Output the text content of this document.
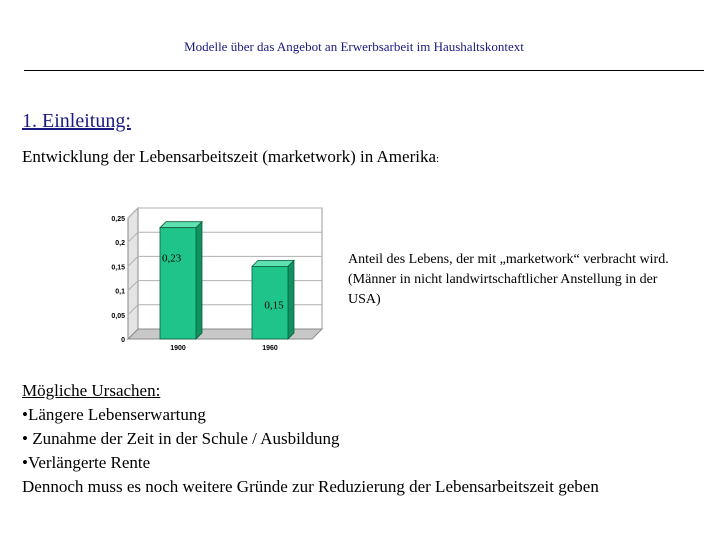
Modelle über das Angebot an Erwerbsarbeit im Haushaltskontext
1. Einleitung:
Entwicklung der Lebensarbeitszeit (marketwork) in Amerika:
0
0,05
0,1
0,15
0,2
0,25
0,23
1900
0,15
1960
Anteil des Lebens, der mit „marketwork“ verbracht wird. (Männer in nicht landwirtschaftlicher Anstellung in der USA)
Mögliche Ursachen:
•Längere Lebenserwartung
• Zunahme der Zeit in der Schule / Ausbildung
•Verlängerte Rente
Dennoch muss es noch weitere Gründe zur Reduzierung der Lebensarbeitszeit geben
